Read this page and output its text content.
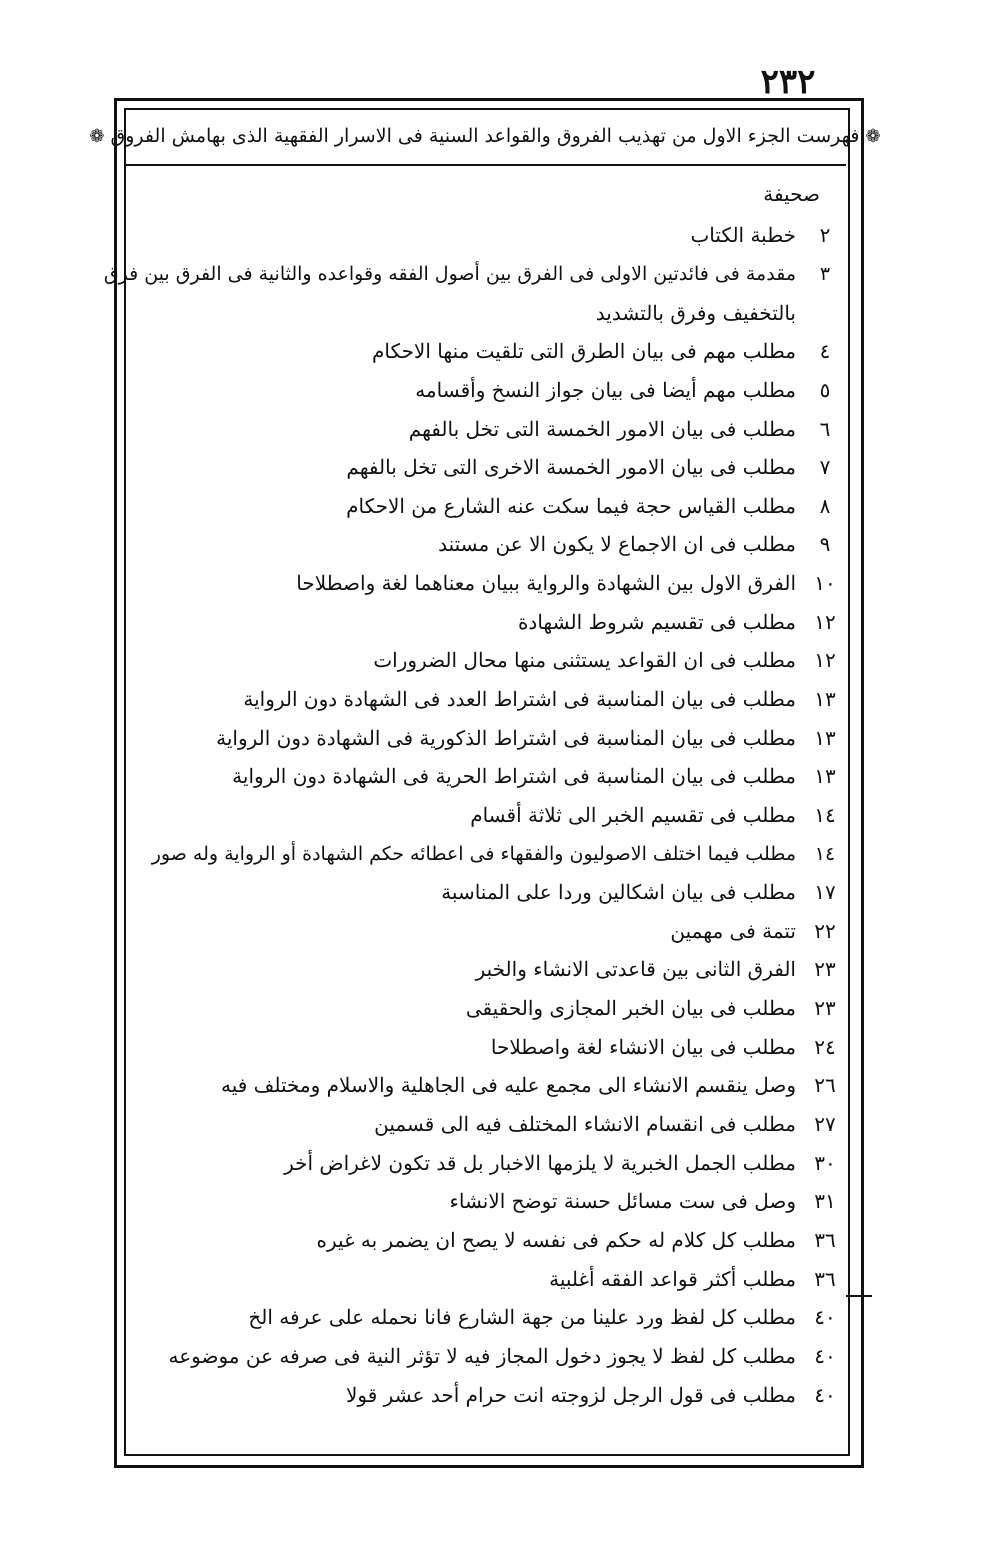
٢٣٢
❁
فهرست الجزء الاول من تهذيب الفروق والقواعد السنية فى الاسرار الفقهية الذى بهامش الفروق
❁
صحيفة
٢
خطبة الكتاب
٣
مقدمة فى فائدتين الاولى فى الفرق بين أصول الفقه وقواعده والثانية فى الفرق بين فرق
بالتخفيف وفرق بالتشديد
٤
مطلب مهم فى بيان الطرق التى تلقيت منها الاحكام
٥
مطلب مهم أيضا فى بيان جواز النسخ وأقسامه
٦
مطلب فى بيان الامور الخمسة التى تخل بالفهم
٧
مطلب فى بيان الامور الخمسة الاخرى التى تخل بالفهم
٨
مطلب القياس حجة فيما سكت عنه الشارع من الاحكام
٩
مطلب فى ان الاجماع لا يكون الا عن مستند
١٠
الفرق الاول بين الشهادة والرواية ببيان معناهما لغة واصطلاحا
١٢
مطلب فى تقسيم شروط الشهادة
١٢
مطلب فى ان القواعد يستثنى منها محال الضرورات
١٣
مطلب فى بيان المناسبة فى اشتراط العدد فى الشهادة دون الرواية
١٣
مطلب فى بيان المناسبة فى اشتراط الذكورية فى الشهادة دون الرواية
١٣
مطلب فى بيان المناسبة فى اشتراط الحرية فى الشهادة دون الرواية
١٤
مطلب فى تقسيم الخبر الى ثلاثة أقسام
١٤
مطلب فيما اختلف الاصوليون والفقهاء فى اعطائه حكم الشهادة أو الرواية وله صور
١٧
مطلب فى بيان اشكالين وردا على المناسبة
٢٢
تتمة فى مهمين
٢٣
الفرق الثانى بين قاعدتى الانشاء والخبر
٢٣
مطلب فى بيان الخبر المجازى والحقيقى
٢٤
مطلب فى بيان الانشاء لغة واصطلاحا
٢٦
وصل ينقسم الانشاء الى مجمع عليه فى الجاهلية والاسلام ومختلف فيه
٢٧
مطلب فى انقسام الانشاء المختلف فيه الى قسمين
٣٠
مطلب الجمل الخبرية لا يلزمها الاخبار بل قد تكون لاغراض أخر
٣١
وصل فى ست مسائل حسنة توضح الانشاء
٣٦
مطلب كل كلام له حكم فى نفسه لا يصح ان يضمر به غيره
٣٦
مطلب أكثر قواعد الفقه أغلبية
٤٠
مطلب كل لفظ ورد علينا من جهة الشارع فانا نحمله على عرفه الخ
٤٠
مطلب كل لفظ لا يجوز دخول المجاز فيه لا تؤثر النية فى صرفه عن موضوعه
٤٠
مطلب فى قول الرجل لزوجته انت حرام أحد عشر قولا
